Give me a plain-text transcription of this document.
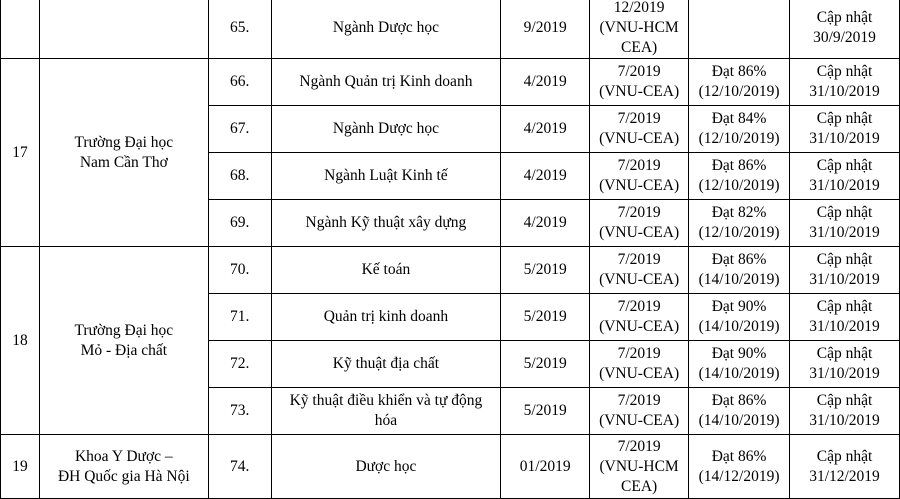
		65.	Ngành Dược học	9/2019	12/2019
(VNU-HCM
CEA)		Cập nhật
30/9/2019

17	Trường Đại học
Nam Cần Thơ	66.	Ngành Quản trị Kinh doanh	4/2019	7/2019
(VNU-CEA)	Đạt 86%
(12/10/2019)	Cập nhật
31/10/2019

		67.	Ngành Dược học	4/2019	7/2019
(VNU-CEA)	Đạt 84%
(12/10/2019)	Cập nhật
31/10/2019

		68.	Ngành Luật Kinh tế	4/2019	7/2019
(VNU-CEA)	Đạt 86%
(12/10/2019)	Cập nhật
31/10/2019

		69.	Ngành Kỹ thuật xây dựng	4/2019	7/2019
(VNU-CEA)	Đạt 82%
(12/10/2019)	Cập nhật
31/10/2019

18	Trường Đại học
Mỏ - Địa chất	70.	Kế toán	5/2019	7/2019
(VNU-CEA)	Đạt 86%
(14/10/2019)	Cập nhật
31/10/2019

		71.	Quản trị kinh doanh	5/2019	7/2019
(VNU-CEA)	Đạt 90%
(14/10/2019)	Cập nhật
31/10/2019

		72.	Kỹ thuật địa chất	5/2019	7/2019
(VNU-CEA)	Đạt 90%
(14/10/2019)	Cập nhật
31/10/2019

		73.	Kỹ thuật điều khiển và tự động
hóa	5/2019	7/2019
(VNU-CEA)	Đạt 86%
(14/10/2019)	Cập nhật
31/10/2019

19	Khoa Y Dược –
ĐH Quốc gia Hà Nội	74.	Dược học	01/2019	7/2019
(VNU-HCM
CEA)	Đạt 86%
(14/12/2019)	Cập nhật
31/12/2019
